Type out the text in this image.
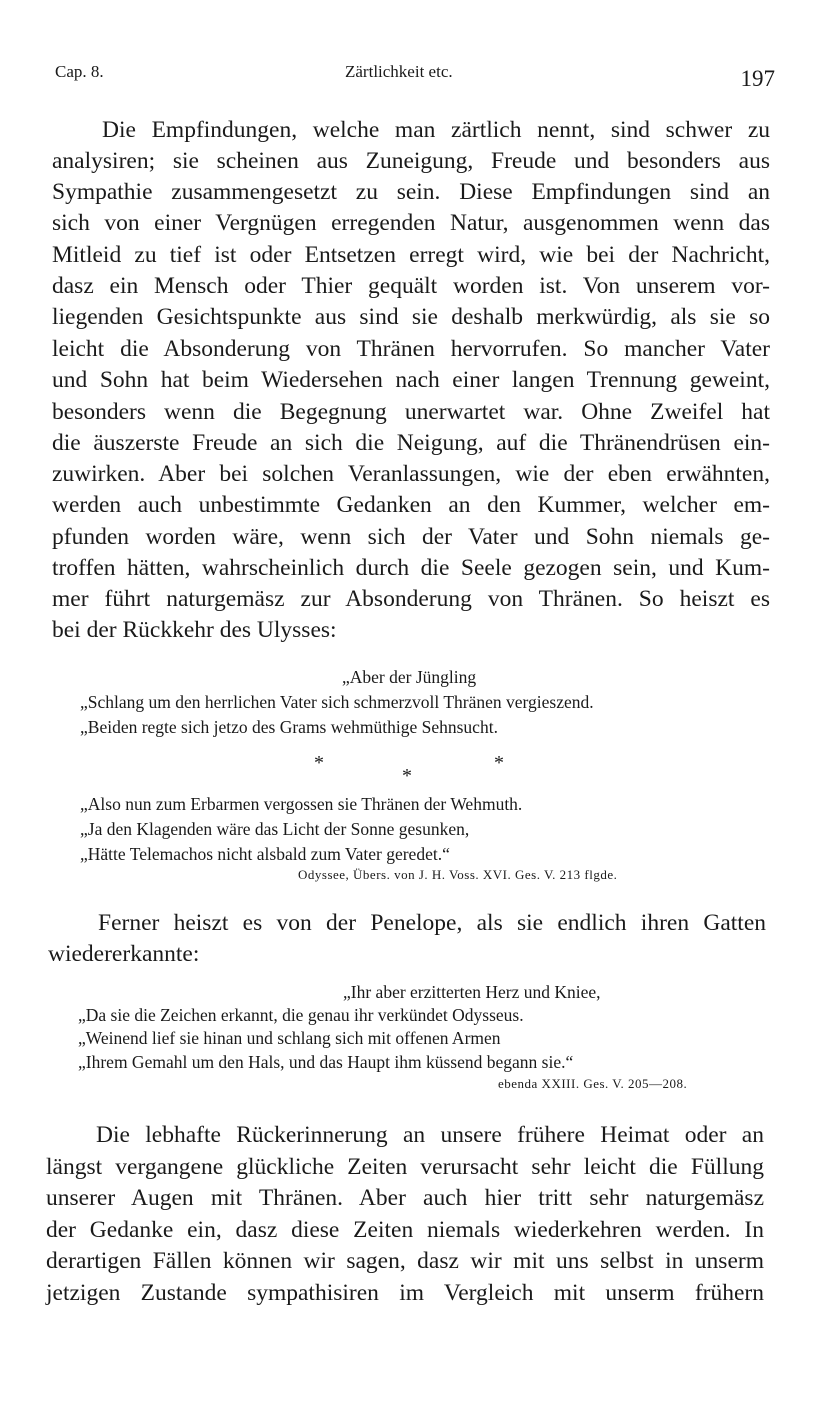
Cap. 8.	Zärtlichkeit etc.	197
Die Empfindungen, welche man zärtlich nennt, sind schwer zu
analysiren; sie scheinen aus Zuneigung, Freude und besonders aus
Sympathie zusammengesetzt zu sein. Diese Empfindungen sind an
sich von einer Vergnügen erregenden Natur, ausgenommen wenn das
Mitleid zu tief ist oder Entsetzen erregt wird, wie bei der Nachricht,
dasz ein Mensch oder Thier gequält worden ist. Von unserem vor-
liegenden Gesichtspunkte aus sind sie deshalb merkwürdig, als sie so
leicht die Absonderung von Thränen hervorrufen. So mancher Vater
und Sohn hat beim Wiedersehen nach einer langen Trennung geweint,
besonders wenn die Begegnung unerwartet war. Ohne Zweifel hat
die äuszerste Freude an sich die Neigung, auf die Thränendrüsen ein-
zuwirken. Aber bei solchen Veranlassungen, wie der eben erwähnten,
werden auch unbestimmte Gedanken an den Kummer, welcher em-
pfunden worden wäre, wenn sich der Vater und Sohn niemals ge-
troffen hätten, wahrscheinlich durch die Seele gezogen sein, und Kum-
mer führt naturgemäsz zur Absonderung von Thränen. So heiszt es
bei der Rückkehr des Ulysses:
„Aber der Jüngling
„Schlang um den herrlichen Vater sich schmerzvoll Thränen vergieszend.
„Beiden regte sich jetzo des Grams wehmüthige Sehnsucht.
*
*
*
„Also nun zum Erbarmen vergossen sie Thränen der Wehmuth.
„Ja den Klagenden wäre das Licht der Sonne gesunken,
„Hätte Telemachos nicht alsbald zum Vater geredet.“
Odyssee, Übers. von J. H. Voss. XVI. Ges. V. 213 flgde.
Ferner heiszt es von der Penelope, als sie endlich ihren Gatten
wiedererkannte:
„Ihr aber erzitterten Herz und Kniee,
„Da sie die Zeichen erkannt, die genau ihr verkündet Odysseus.
„Weinend lief sie hinan und schlang sich mit offenen Armen
„Ihrem Gemahl um den Hals, und das Haupt ihm küssend begann sie.“
ebenda XXIII. Ges. V. 205—208.
Die lebhafte Rückerinnerung an unsere frühere Heimat oder an
längst vergangene glückliche Zeiten verursacht sehr leicht die Füllung
unserer Augen mit Thränen. Aber auch hier tritt sehr naturgemäsz
der Gedanke ein, dasz diese Zeiten niemals wiederkehren werden. In
derartigen Fällen können wir sagen, dasz wir mit uns selbst in unserm
jetzigen Zustande sympathisiren im Vergleich mit unserm frühern
